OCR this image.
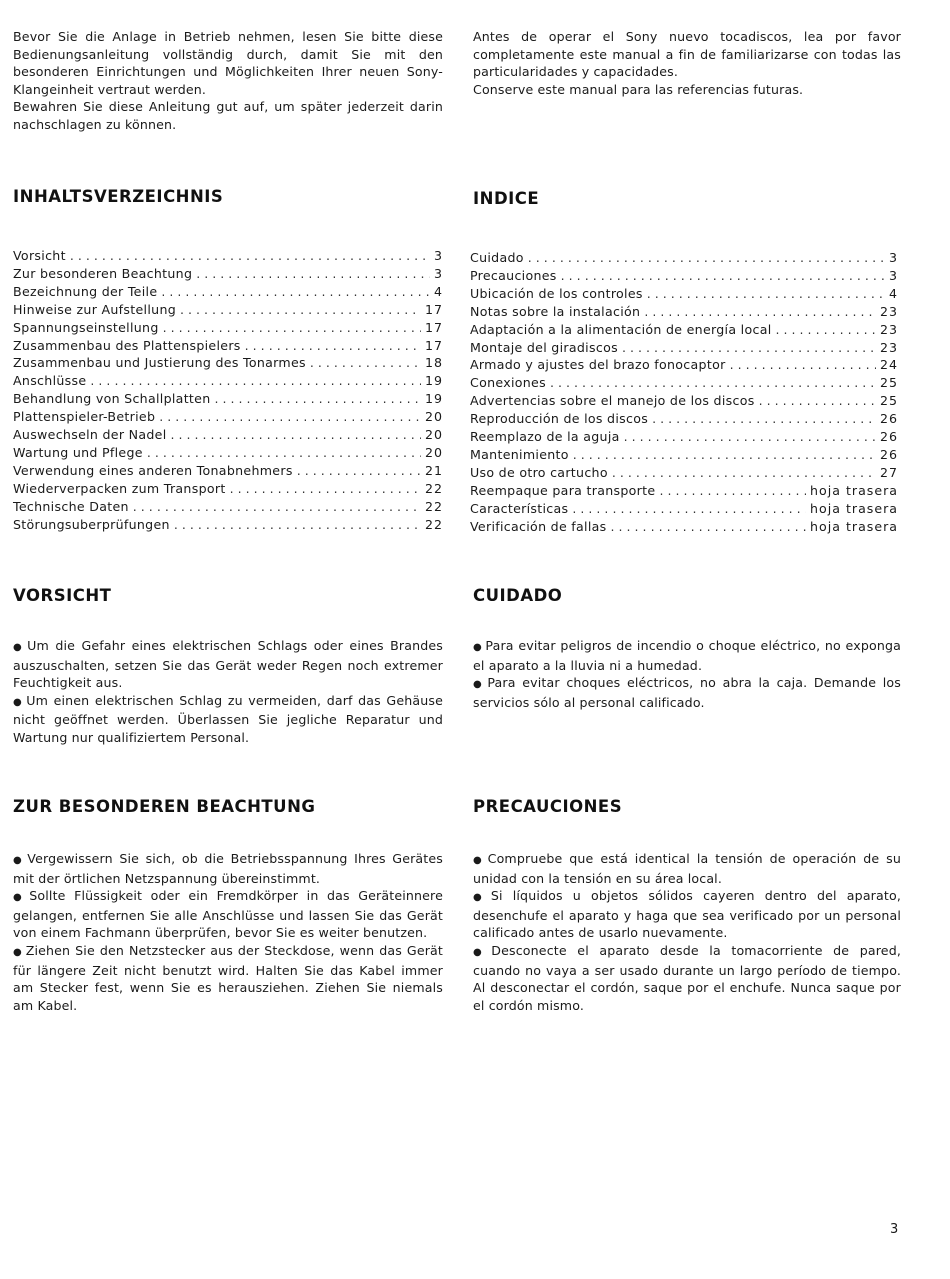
Bevor Sie die Anlage in Betrieb nehmen, lesen Sie bitte diese Bedienungsanleitung vollständig durch, damit Sie mit den besonderen Einrichtungen und Möglichkeiten Ihrer neuen Sony-Klangeinheit vertraut werden.

Bewahren Sie diese Anleitung gut auf, um später jederzeit darin nachschlagen zu können.

Antes de operar el Sony nuevo tocadiscos, lea por favor completamente este manual a fin de familiarizarse con todas las particularidades y capacidades.

Conserve este manual para las referencias futuras.

INHALTSVERZEICHNIS	INDICE
Vorsicht . . .	3
Zur besonderen Beachtung . . .	3
Bezeichnung der Teile . . .	4
Hinweise zur Aufstellung . . .	17
Spannungseinstellung . . .	17
Zusammenbau des Plattenspielers . . .	17
Zusammenbau und Justierung des Tonarmes . . .	18
Anschlüsse . . .	19
Behandlung von Schallplatten . . .	19
Plattenspieler-Betrieb . . .	20
Auswechseln der Nadel . . .	20
Wartung und Pflege . . .	20
Verwendung eines anderen Tonabnehmers . . .	21
Wiederverpacken zum Transport . . .	22
Technische Daten . . .	22
Störungsuberprüfungen . . .	22
Cuidado . . .	3
Precauciones . . .	3
Ubicación de los controles . . .	4
Notas sobre la instalación . . .	23
Adaptación a la alimentación de energía local . . .	23
Montaje del giradiscos . . .	23
Armado y ajustes del brazo fonocaptor . . .	24
Conexiones . . .	25
Advertencias sobre el manejo de los discos . . .	25
Reproducción de los discos . . .	26
Reemplazo de la aguja . . .	26
Mantenimiento . . .	26
Uso de otro cartucho . . .	27
Reempaque para transporte . . .	hoja trasera
Características . . .	hoja trasera
Verificación de fallas . . .	hoja trasera
VORSICHT	CUIDADO

● Um die Gefahr eines elektrischen Schlags oder eines Brandes auszuschalten, setzen Sie das Gerät weder Regen noch extremer Feuchtigkeit aus.

● Um einen elektrischen Schlag zu vermeiden, darf das Gehäuse nicht geöffnet werden. Überlassen Sie jegliche Reparatur und Wartung nur qualifiziertem Personal.

● Para evitar peligros de incendio o choque eléctrico, no exponga el aparato a la lluvia ni a humedad.

● Para evitar choques eléctricos, no abra la caja. Demande los servicios sólo al personal calificado.

ZUR BESONDEREN BEACHTUNG	PRECAUCIONES

● Vergewissern Sie sich, ob die Betriebsspannung Ihres Gerätes mit der örtlichen Netzspannung übereinstimmt.

● Sollte Flüssigkeit oder ein Fremdkörper in das Geräteinnere gelangen, entfernen Sie alle Anschlüsse und lassen Sie das Gerät von einem Fachmann überprüfen, bevor Sie es weiter benutzen.

● Ziehen Sie den Netzstecker aus der Steckdose, wenn das Gerät für längere Zeit nicht benutzt wird. Halten Sie das Kabel immer am Stecker fest, wenn Sie es herausziehen. Ziehen Sie niemals am Kabel.

● Compruebe que está identical la tensión de operación de su unidad con la tensión en su área local.

● Si líquidos u objetos sólidos cayeren dentro del aparato, desenchufe el aparato y haga que sea verificado por un personal calificado antes de usarlo nuevamente.

● Desconecte el aparato desde la tomacorriente de pared, cuando no vaya a ser usado durante un largo período de tiempo. Al desconectar el cordón, saque por el enchufe. Nunca saque por el cordón mismo.

3
